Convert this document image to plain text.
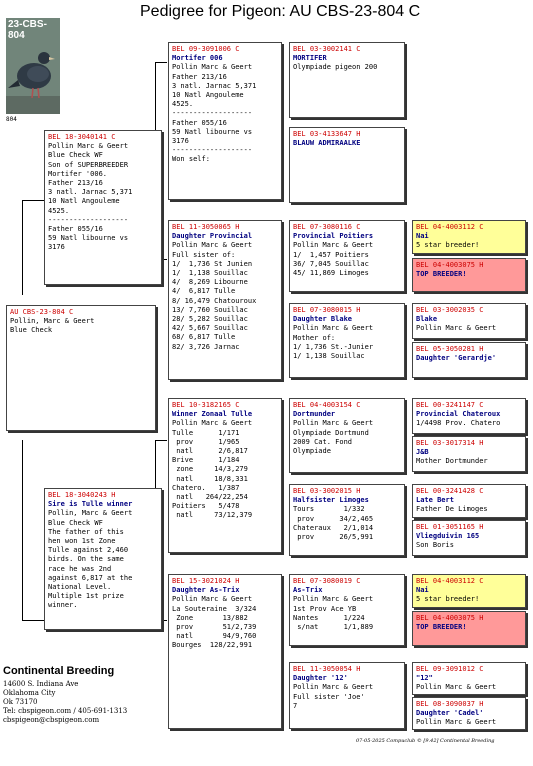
Pedigree for Pigeon: AU CBS-23-804 C
23-CBS-804
804
AU CBS-23-804 C
Pollin, Marc & Geert
Blue Check
BEL 18-3040141 C
Pollin Marc & Geert
Blue Check WF
Son of SUPERBREEDER
Mortifer '006.
Father 213/16
3 natl. Jarnac 5,371
10 Natl Angouleme
4525.
-------------------
Father 055/16
59 Natl libourne vs
3176
BEL 18-3040243 H
Sire is Tulle winner
Pollin, Marc & Geert
Blue Check WF
The father of this
hen won 1st Zone
Tulle against 2,460
birds. On the same
race he was 2nd
against 6,817 at the
National Level.
Multiple 1st prize
winner.
BEL 09-3091006 C
Mortifer 006
Pollin Marc & Geert
Father 213/16
3 natl. Jarnac 5,371
10 Natl Angouleme
4525.
-------------------
Father 055/16
59 Natl libourne vs
3176
-------------------
Won self:
BEL 11-3050065 H
Daughter Provincial
Pollin Marc & Geert
Full sister of:
1/  1,736 St Junien
1/  1,138 Souillac
4/  8,269 Libourne
4/  6,817 Tulle
8/ 16,479 Chatouroux
13/ 7,760 Souillac
28/ 5,282 Souillac
42/ 5,667 Souillac
68/ 6,817 Tulle
82/ 3,726 Jarnac
BEL 10-3182165 C
Winner Zonaal Tulle
Pollin Marc & Geert
Tulle      1/171
prov      1/965
natl      2/6,817
Brive      1/184
zone     14/3,279
natl     18/8,331
Chatero.   1/387
natl   264/22,254
Poitiers   5/478
natl     73/12,379
BEL 15-3021024 H
Daughter As-Trix
Pollin Marc & Geert
La Souteraine  3/324
Zone       13/882
prov       51/2,739
natl       94/9,760
Bourges  128/22,991
BEL 03-3002141 C
MORTIFER
Olympiade pigeon 200
BEL 03-4133647 H
BLAUW ADMIRAALKE
BEL 07-3080116 C
Provincial Poitiers
Pollin Marc & Geert
1/  1,457 Poitiers
36/ 7,045 Souillac
45/ 11,869 Limoges
BEL 07-3080015 H
Daughter Blake
Pollin Marc & Geert
Mother of:
1/ 1,736 St.-Junier
1/ 1,138 Souillac
BEL 04-4003154 C
Dortmunder
Pollin Marc & Geert
Olympiade Dortmund
2009 Cat. Fond
Olympiade
BEL 03-3002015 H
Halfsister Limoges
Tours       1/332
prov      34/2,465
Chateraux   2/1,014
prov      26/5,991
BEL 07-3080019 C
As-Trix
Pollin Marc & Geert
1st Prov Ace YB
Nantes      1/224
s/nat      1/1,889
BEL 11-3050054 H
Daughter '12'
Pollin Marc & Geert
Full sister 'Joe'
7
BEL 04-4003112 C
Nai
5 star breeder!
BEL 04-4003075 H
TOP BREEDER!
BEL 03-3002035 C
Blake
Pollin Marc & Geert
BEL 05-3050281 H
Daughter 'Gerardje'
BEL 00-3241147 C
Provincial Chateroux
1/4498 Prov. Chatero
BEL 03-3017314 H
J&B
Mother Dortmunder
BEL 00-3241428 C
Late Bert
Father De Limoges
BEL 01-3051165 H
Vliegduivin 165
Son Boris
BEL 04-4003112 C
Nai
5 star breeder!
BEL 04-4003075 H
TOP BREEDER!
BEL 09-3091012 C
"12"
Pollin Marc & Geert
BEL 08-3090037 H
Daughter 'Cadel'
Pollin Marc & Geert
Continental Breeding
14600 S. Indiana Ave
Oklahoma City
Ok 73170
Tel: cbspigeon.com / 405-691-1313
cbspigeon@cbspigeon.com
07-05-2025 Compuclub © [9.42] Continental Breeding
